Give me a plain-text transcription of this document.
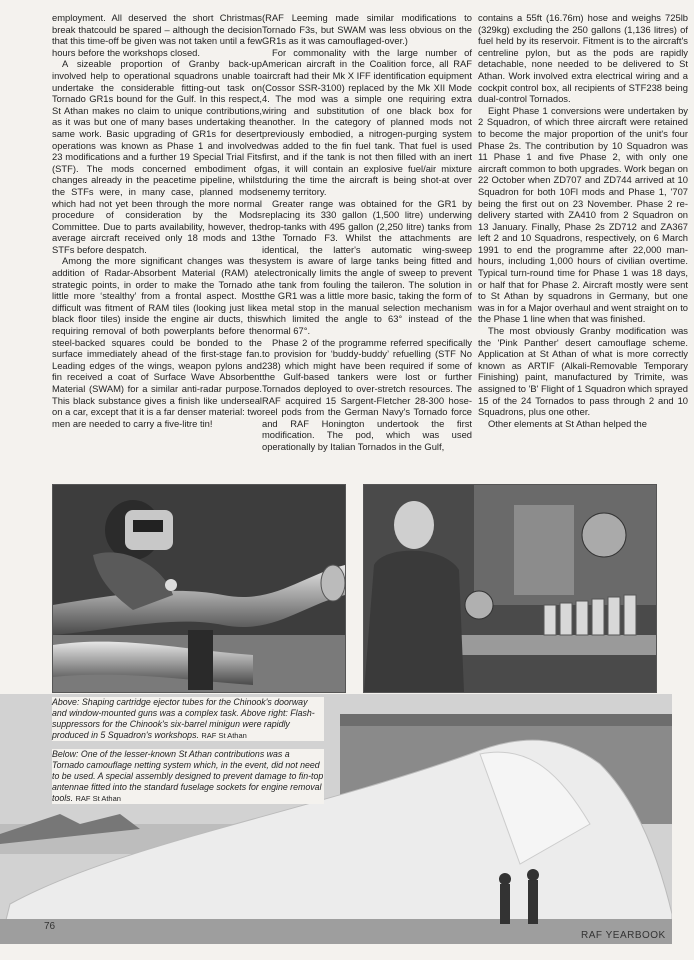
employment. All deserved the short Christmas break thatcould be spared – although the decision that this time-off be given was not taken until a few hours before the workshops closed.

A sizeable proportion of Granby back-up involved help to operational squadrons unable to undertake the considerable fitting-out task on Tornado GR1s bound for the Gulf. In this respect, St Athan makes no claim to unique contributions, as it was but one of many bases undertaking the same work. Basic upgrading of GR1s for desert operations was known as Phase 1 and involved 23 modifications and a further 19 Special Trial Fits (STF). The mods concerned embodiment of changes already in the peacetime pipeline, whilst the STFs were, in many case, planned mods which had not yet been through the more normal procedure of consideration by the Mods Committee. Due to parts availability, however, the average aircraft received only 18 mods and 13 STFs before despatch.

Among the more significant changes was the addition of Radar-Absorbent Material (RAM) at strategic points, in order to make the Tornado a little more ‘stealthy’ from a frontal aspect. Most difficult was fitment of RAM tiles (looking just like black floor tiles) inside the engine air ducts, this requiring removal of both powerplants before the steel-backed squares could be bonded to the surface immediately ahead of the first-stage fan. Leading edges of the wings, weapon pylons and fin received a coat of Surface Wave Absorbent Material (SWAM) for a similar anti-radar purpose. This black substance gives a finish like underseal on a car, except that it is a far denser material: two men are needed to carry a five-litre tin!

(RAF Leeming made similar modifications to Tornado F3s, but SWAM was less obvious on the GR1s as it was camouflaged-over.)

For commonality with the large number of American aircraft in the Coalition force, all RAF aircraft had their Mk X IFF identification equipment (Cossor SSR-3100) replaced by the Mk XII Mode 4. The mod was a simple one requiring extra wiring and substitution of one black box for another. In the category of planned mods not previously embodied, a nitrogen-purging system was added to the fin fuel tank. That fuel is used first, and if the tank is not then filled with an inert gas, it will contain an explosive fuel/air mixture during the time the aircraft is being shot-at over enemy territory.

Greater range was obtained for the GR1 by replacing its 330 gallon (1,500 litre) underwing drop-tanks with 495 gallon (2,250 litre) tanks from the Tornado F3. Whilst the attachments are identical, the latter's automatic wing-sweep system is aware of large tanks being fitted and electronically limits the angle of sweep to prevent the tank from fouling the taileron. The solution in the GR1 was a little more basic, taking the form of a metal stop in the manual selection mechanism which limited the angle to 63° instead of the normal 67°.

Phase 2 of the programme referred specifically to provision for ‘buddy-buddy’ refuelling (STF No 238) which might have been required if some of the Gulf-based tankers were lost or further Tornados deployed to over-stretch resources. The RAF acquired 15 Sargent-Fletcher 28-300 hose-reel pods from the German Navy's Tornado force and RAF Honington undertook the first modification. The pod, which was used operationally by Italian Tornados in the Gulf,

contains a 55ft (16.76m) hose and weighs 725lb (329kg) excluding the 250 gallons (1,136 litres) of fuel held by its reservoir. Fitment is to the aircraft's centreline pylon, but as the pods are rapidly detachable, none needed to be delivered to St Athan. Work involved extra electrical wiring and a cockpit control box, all recipients of STF238 being dual-control Tornados.

Eight Phase 1 conversions were undertaken by 2 Squadron, of which three aircraft were retained to become the major proportion of the unit's four Phase 2s. The contribution by 10 Squadron was 11 Phase 1 and five Phase 2, with only one aircraft common to both upgrades. Work began on 22 October when ZD707 and ZD744 arrived at 10 Squadron for both 10Fl mods and Phase 1, '707 being the first out on 23 November. Phase 2 re-delivery started with ZA410 from 2 Squadron on 13 January. Finally, Phase 2s ZD712 and ZA367 left 2 and 10 Squadrons, respectively, on 6 March 1991 to end the programme after 22,000 man-hours, including 1,000 hours of civilian overtime. Typical turn-round time for Phase 1 was 18 days, or half that for Phase 2. Aircraft mostly were sent to St Athan by squadrons in Germany, but one was in for a Major overhaul and went straight on to the Phase 1 line when that was finished.

The most obviously Granby modification was the 'Pink Panther' desert camouflage scheme. Application at St Athan of what is more correctly known as ARTIF (Alkali-Removable Temporary Finishing) paint, manufactured by Trimite, was assigned to 'B' Flight of 1 Squadron which sprayed 15 of the 24 Tornados to pass through 2 and 10 Squadrons, plus one other.

Other elements at St Athan helped the

Above: Shaping cartridge ejector tubes for the Chinook's doorway and window-mounted guns was a complex task. Above right: Flash-suppressors for the Chinook's six-barrel minigun were rapidly produced in 5 Squadron's workshops. RAF St Athan
Below: One of the lesser-known St Athan contributions was a Tornado camouflage netting system which, in the event, did not need to be used. A special assembly designed to prevent damage to fin-top antennae fitted into the standard fuselage sockets for engine removal tools. RAF St Athan
76
RAF YEARBOOK
